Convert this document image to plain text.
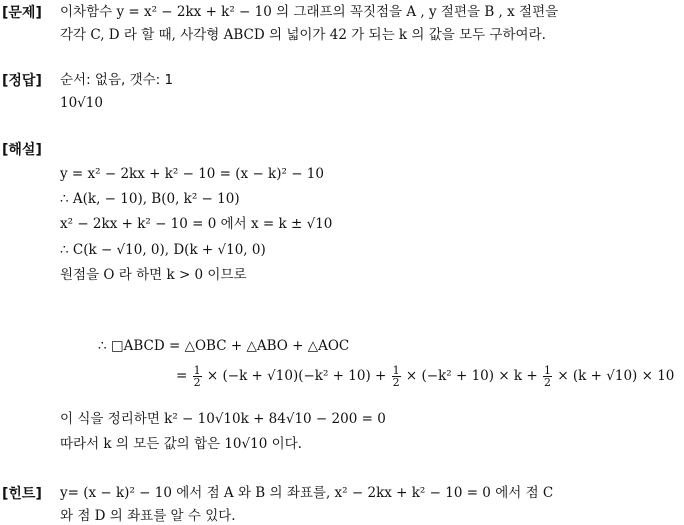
[문제] 이차함수 y = x² − 2kx + k² − 10 의 그래프의 꼭짓점을 A , y 절편을 B , x 절편을
각각 C, D 라 할 때, 사각형 ABCD 의 넓이가 42 가 되는 k 의 값을 모두 구하여라.
[정답] 순서: 없음, 갯수: 1
10√10
[해설]
y = x² − 2kx + k² − 10 = (x − k)² − 10
∴ A(k, − 10), B(0, k² − 10)
x² − 2kx + k² − 10 = 0 에서 x = k ± √10
∴ C(k − √10, 0), D(k + √10, 0)
원점을 O 라 하면 k > 0 이므로
∴ □ABCD = △OBC + △ABO + △AOC
= $\frac{1}{2} \times (-k + √10)(-k^2 + 10) + \frac{1}{2} \times (-k^2 + 10) \times k + \frac{1}{2} \times (k + √10) \times 10$
이 식을 정리하면 k² − 10√10k + 84√10 − 200 = 0
따라서 k 의 모든 값의 합은 10√10 이다.
[힌트] y= (x − k)² − 10 에서 점 A 와 B 의 좌표를, x² − 2kx + k² − 10 = 0 에서 점 C
와 점 D 의 좌표를 알 수 있다.
